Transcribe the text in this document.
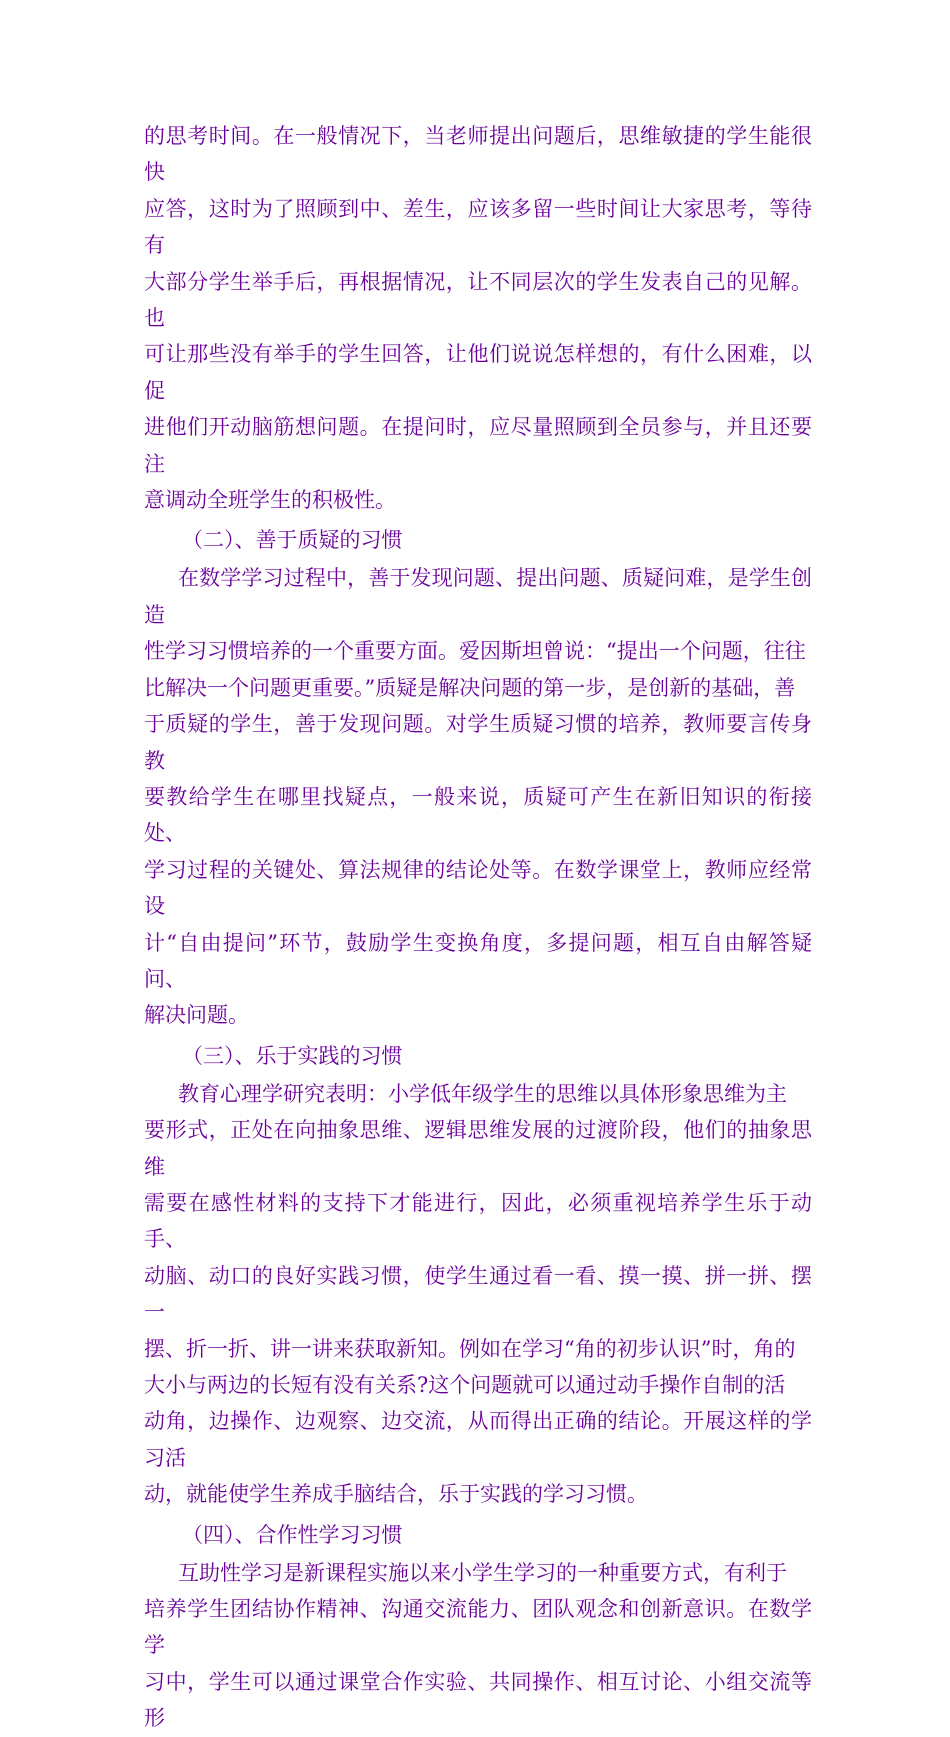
的思考时间。在一般情况下，当老师提出问题后，思维敏捷的学生能很快
应答，这时为了照顾到中、差生，应该多留一些时间让大家思考，等待有
大部分学生举手后，再根据情况，让不同层次的学生发表自己的见解。也
可让那些没有举手的学生回答，让他们说说怎样想的，有什么困难，以促
进他们开动脑筋想问题。在提问时，应尽量照顾到全员参与，并且还要注
意调动全班学生的积极性。

（二）、善于质疑的习惯

在数学学习过程中，善于发现问题、提出问题、质疑问难，是学生创造
性学习习惯培养的一个重要方面。爱因斯坦曾说：“提出一个问题，往往
比解决一个问题更重要。”质疑是解决问题的第一步，是创新的基础，善
于质疑的学生，善于发现问题。对学生质疑习惯的培养，教师要言传身教
要教给学生在哪里找疑点，一般来说，质疑可产生在新旧知识的衔接处、
学习过程的关键处、算法规律的结论处等。在数学课堂上，教师应经常设
计“自由提问”环节，鼓励学生变换角度，多提问题，相互自由解答疑问、
解决问题。

（三）、乐于实践的习惯

教育心理学研究表明：小学低年级学生的思维以具体形象思维为主
要形式，正处在向抽象思维、逻辑思维发展的过渡阶段，他们的抽象思维
需要在感性材料的支持下才能进行，因此，必须重视培养学生乐于动手、
动脑、动口的良好实践习惯，使学生通过看一看、摸一摸、拼一拼、摆一
摆、折一折、讲一讲来获取新知。例如在学习“角的初步认识”时，角的
大小与两边的长短有没有关系?这个问题就可以通过动手操作自制的活
动角，边操作、边观察、边交流，从而得出正确的结论。开展这样的学习活
动，就能使学生养成手脑结合，乐于实践的学习习惯。

（四）、合作性学习习惯

互助性学习是新课程实施以来小学生学习的一种重要方式，有利于
培养学生团结协作精神、沟通交流能力、团队观念和创新意识。在数学学
习中，学生可以通过课堂合作实验、共同操作、相互讨论、小组交流等形
